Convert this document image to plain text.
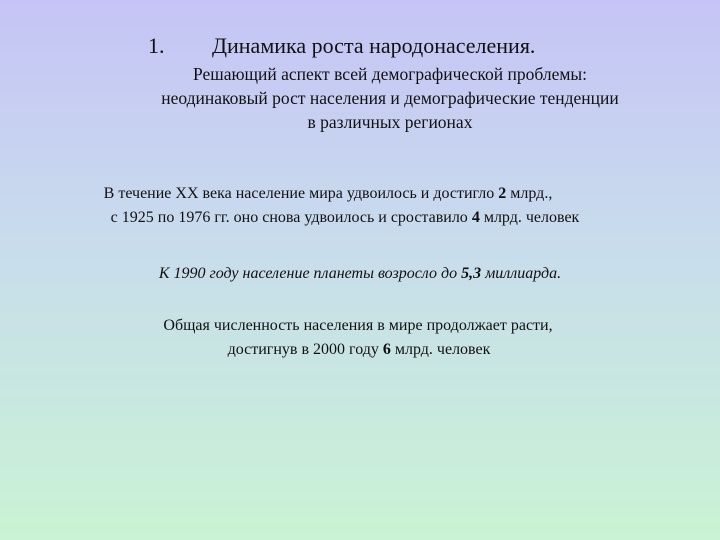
1. Динамика роста народонаселения.
Решающий аспект всей демографической проблемы:
неодинаковый рост населения и демографические тенденции
в различных регионах
В течение XX века население мира удвоилось и достигло 2 млрд.,
с 1925 по 1976 гг. оно снова удвоилось и сроставило 4 млрд. человек
К 1990 году население планеты возросло до 5,3 миллиарда.
Общая численность населения в мире продолжает расти,
достигнув в 2000 году 6 млрд. человек
